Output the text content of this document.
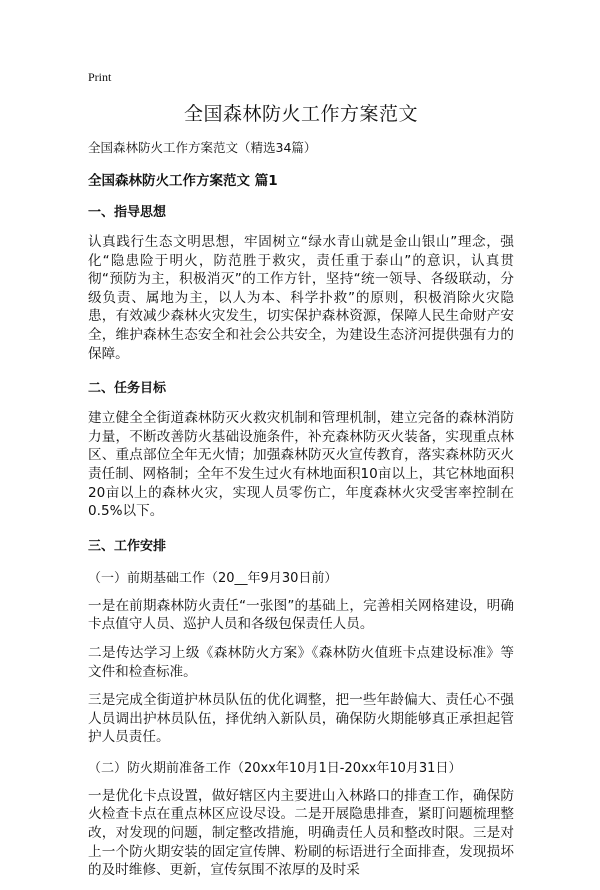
Print
全国森林防火工作方案范文
全国森林防火工作方案范文（精选34篇）
全国森林防火工作方案范文 篇1
一、指导思想

认真践行生态文明思想，牢固树立“绿水青山就是金山银山”理念，强化“隐患险于明火，防范胜于救灾，责任重于泰山”的意识，认真贯彻“预防为主，积极消灭”的工作方针，坚持“统一领导、各级联动，分级负责、属地为主，以人为本、科学扑救”的原则，积极消除火灾隐患，有效减少森林火灾发生，切实保护森林资源，保障人民生命财产安全，维护森林生态安全和社会公共安全，为建设生态济河提供强有力的保障。

二、任务目标

建立健全全街道森林防灭火救灾机制和管理机制，建立完备的森林消防力量，不断改善防火基础设施条件，补充森林防灭火装备，实现重点林区、重点部位全年无火情；加强森林防灭火宣传教育，落实森林防灭火责任制、网格制；全年不发生过火有林地面积10亩以上，其它林地面积20亩以上的森林火灾，实现人员零伤亡，年度森林火灾受害率控制在0.5%以下。

三、工作安排
（一）前期基础工作（20__年9月30日前）

一是在前期森林防火责任“一张图”的基础上，完善相关网格建设，明确卡点值守人员、巡护人员和各级包保责任人员。

二是传达学习上级《森林防火方案》《森林防火值班卡点建设标准》等文件和检查标准。

三是完成全街道护林员队伍的优化调整，把一些年龄偏大、责任心不强人员调出护林员队伍，择优纳入新队员，确保防火期能够真正承担起管护人员责任。

（二）防火期前准备工作（20xx年10月1日-20xx年10月31日）

一是优化卡点设置，做好辖区内主要进山入林路口的排查工作，确保防火检查卡点在重点林区应设尽设。二是开展隐患排查，紧盯问题梳理整改，对发现的问题，制定整改措施，明确责任人员和整改时限。三是对上一个防火期安装的固定宣传牌、粉刷的标语进行全面排查，发现损坏的及时维修、更新，宣传氛围不浓厚的及时采
